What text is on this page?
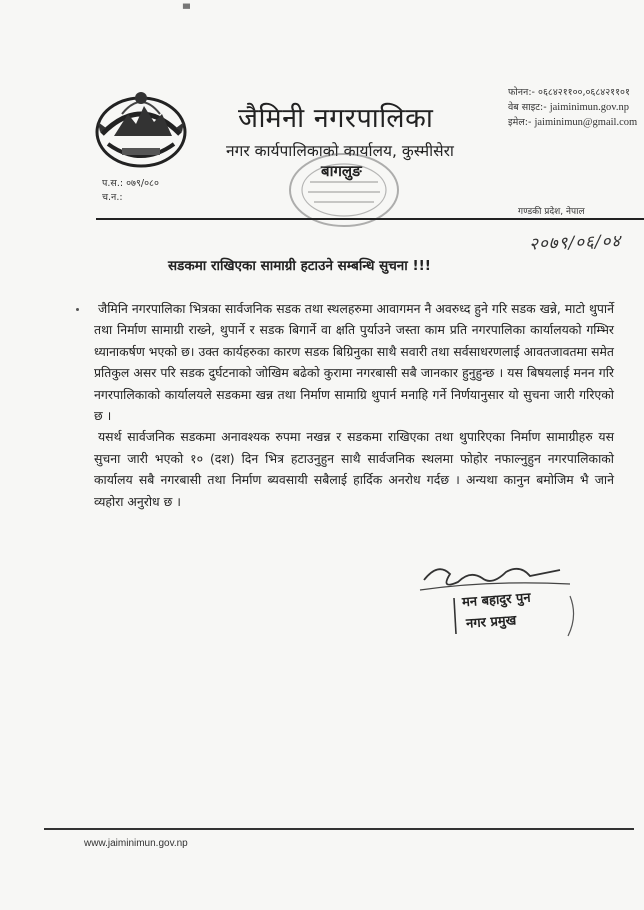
▀
जैमिनी नगरपालिका
नगर कार्यपालिकाको कार्यालय, कुस्मीसेरा
बागलुङ
फोनन:- ०६८४२११००,०६८४२११०१
वेब साइट:- jaiminimun.gov.np
इमेल:- jaiminimun@gmail.com
प.स.: ०७९/०८०
च.न.:
गण्डकी प्रदेश, नेपाल
२०७९/०६/०४
सडकमा राखिएका सामाग्री हटाउने सम्बन्धि सुचना !!!

जैमिनि नगरपालिका भित्रका सार्वजनिक सडक तथा स्थलहरुमा आवागमन नै अवरुध्द हुने गरि सडक खन्ने, माटो थुपार्ने तथा निर्माण सामाग्री राख्ने, थुपार्ने र सडक बिगार्ने वा क्षति पुर्याउने जस्ता काम प्रति नगरपालिका कार्यालयको गम्भिर ध्यानाकर्षण भएको छ। उक्त कार्यहरुका कारण सडक बिग्रिनुका साथै सवारी तथा सर्वसाधरणलाई आवतजावतमा समेत प्रतिकुल असर परि सडक दुर्घटनाको जोखिम बढेको कुरामा नगरबासी सबै जानकार हुनुहुन्छ । यस बिषयलाई मनन गरि नगरपालिकाको कार्यालयले सडकमा खन्न तथा निर्माण सामाग्रि थुपार्न मनाहि गर्ने निर्णयानुसार यो सुचना जारी गरिएको छ ।

यसर्थ सार्वजनिक सडकमा अनावश्यक रुपमा नखन्न र सडकमा राखिएका तथा थुपारिएका निर्माण सामाग्रीहरु यस सुचना जारी भएको १० (दश) दिन भित्र हटाउनुहुन साथै सार्वजनिक स्थलमा फोहोर नफाल्नुहुन नगरपालिकाको कार्यालय सबै नगरबासी तथा निर्माण ब्यवसायी सबैलाई हार्दिक अनरोध गर्दछ । अन्यथा कानुन बमोजिम भै जाने व्यहोरा अनुरोध छ ।

मन बहादुर पुन
नगर प्रमुख
www.jaiminimun.gov.np
